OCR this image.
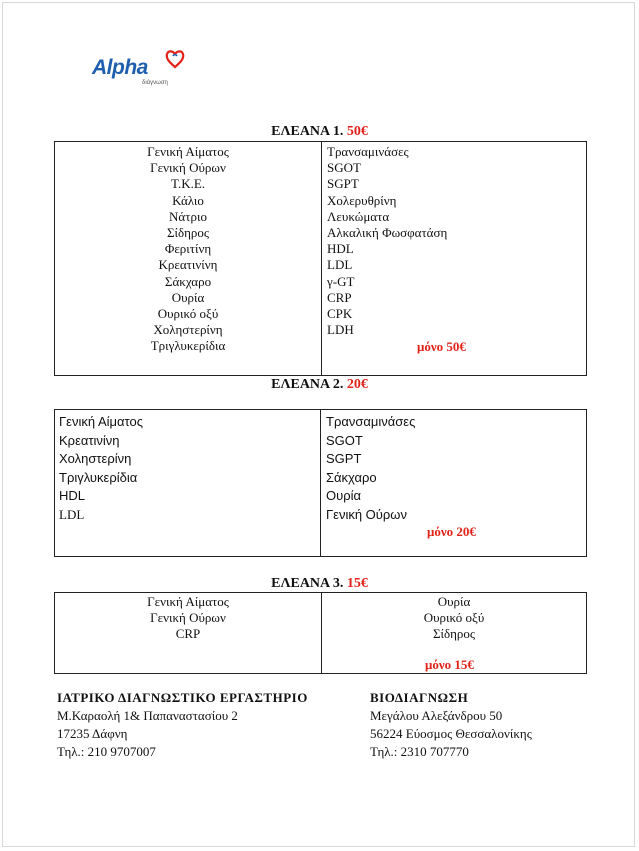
Alpha
διάγνωση
ΕΛΕΑΝΑ 1. 50€
Γενική Αίματος
Γενική Ούρων
Τ.Κ.Ε.
Κάλιο
Νάτριο
Σίδηρος
Φεριτίνη
Κρεατινίνη
Σάκχαρο
Ουρία
Ουρικό οξύ
Χοληστερίνη
Τριγλυκερίδια
Τρανσαμινάσες
SGOT
SGPT
Χολερυθρίνη
Λευκώματα
Αλκαλική Φωσφατάση
HDL
LDL
γ-GT
CRP
CPK
LDH
μόνο 50€
ΕΛΕΑΝΑ 2. 20€
Γενική Αίματος
Κρεατινίνη
Χοληστερίνη
Τριγλυκερίδια
HDL
LDL
Τρανσαμινάσες
SGOT
SGPT
Σάκχαρο
Ουρία
Γενική Ούρων
μόνο 20€
ΕΛΕΑΝΑ 3. 15€
Γενική Αίματος
Γενική Ούρων
CRP
Ουρία
Ουρικό οξύ
Σίδηρος
μόνο 15€
ΙΑΤΡΙΚΟ ΔΙΑΓΝΩΣΤΙΚΟ ΕΡΓΑΣΤΗΡΙΟ
Μ.Καραολή 1& Παπαναστασίου 2
17235 Δάφνη
Τηλ.: 210 9707007
ΒΙΟΔΙΑΓΝΩΣΗ
Μεγάλου Αλεξάνδρου 50
56224 Εύοσμος Θεσσαλονίκης
Τηλ.: 2310 707770
